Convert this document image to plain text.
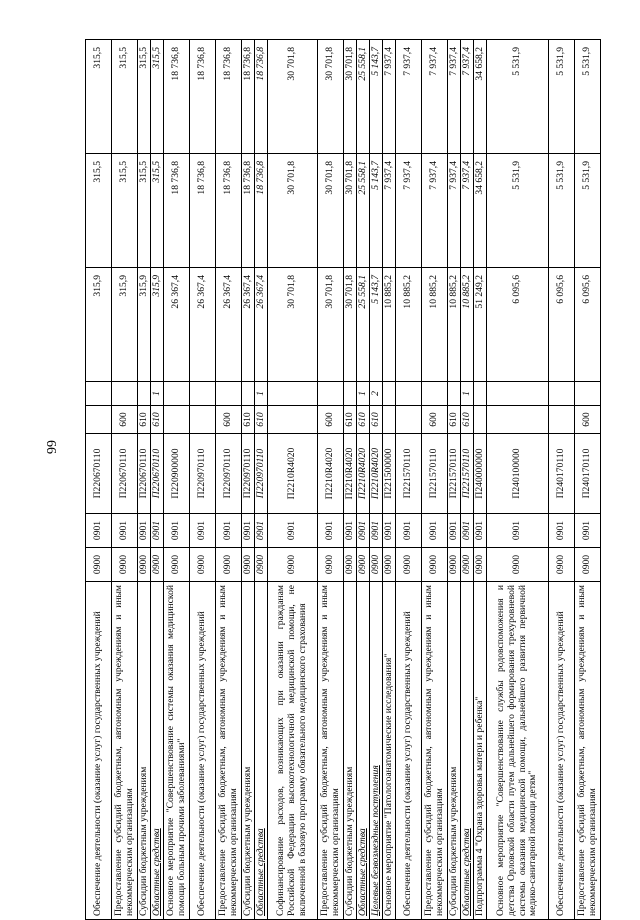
66
Обеспечение деятельности (оказание услуг) государственных учреждений	0900	0901	П220670110			315,9	315,5	315,5
Предоставление субсидий бюджетным, автономным учреждениям и иным некоммерческим организациям	0900	0901	П220670110	600		315,9	315,5	315,5
Субсидии бюджетным учреждениям	0900	0901	П220670110	610		315,9	315,5	315,5
Областные средства	0900	0901	П220670110	610	1	315,9	315,5	315,5
Основное мероприятие "Совершенствование системы оказания медицинской помощи больным прочими заболеваниями"	0900	0901	П220900000			26 367,4	18 736,8	18 736,8
Обеспечение деятельности (оказание услуг) государственных учреждений	0900	0901	П220970110			26 367,4	18 736,8	18 736,8
Предоставление субсидий бюджетным, автономным учреждениям и иным некоммерческим организациям	0900	0901	П220970110	600		26 367,4	18 736,8	18 736,8
Субсидии бюджетным учреждениям	0900	0901	П220970110	610		26 367,4	18 736,8	18 736,8
Областные средства	0900	0901	П220970110	610	1	26 367,4	18 736,8	18 736,8
Софинансирование расходов, возникающих при оказании гражданам Российской Федерации высокотехнологичной медицинской помощи, не включенной в базовую программу обязательного медицинского страхования	0900	0901	П2210R4020			30 701,8	30 701,8	30 701,8
Предоставление субсидий бюджетным, автономным учреждениям и иным некоммерческим организациям	0900	0901	П2210R4020	600		30 701,8	30 701,8	30 701,8
Субсидии бюджетным учреждениям	0900	0901	П2210R4020	610		30 701,8	30 701,8	30 701,8
Областные средства	0900	0901	П2210R4020	610	1	25 558,1	25 558,1	25 558,1
Целевые безвозмездные поступления	0900	0901	П2210R4020	610	2	5 143,7	5 143,7	5 143,7
Основное мероприятие "Патологоанатомические исследования"	0900	0901	П221500000			10 885,2	7 937,4	7 937,4
Обеспечение деятельности (оказание услуг) государственных учреждений	0900	0901	П221570110			10 885,2	7 937,4	7 937,4
Предоставление субсидий бюджетным, автономным учреждениям и иным некоммерческим организациям	0900	0901	П221570110	600		10 885,2	7 937,4	7 937,4
Субсидии бюджетным учреждениям	0900	0901	П221570110	610		10 885,2	7 937,4	7 937,4
Областные средства	0900	0901	П221570110	610	1	10 885,2	7 937,4	7 937,4
Подпрограмма 4 "Охрана здоровья матери и ребенка"	0900	0901	П240000000			51 249,2	34 658,2	34 658,2
Основное мероприятие "Совершенствование службы родовспоможения и детства Орловской области путем дальнейшего формирования трехуровневой системы оказания медицинской помощи, дальнейшего развития первичной медико-санитарной помощи детям"	0900	0901	П240100000			6 095,6	5 531,9	5 531,9
Обеспечение деятельности (оказание услуг) государственных учреждений	0900	0901	П240170110			6 095,6	5 531,9	5 531,9
Предоставление субсидий бюджетным, автономным учреждениям и иным некоммерческим организациям	0900	0901	П240170110	600		6 095,6	5 531,9	5 531,9
